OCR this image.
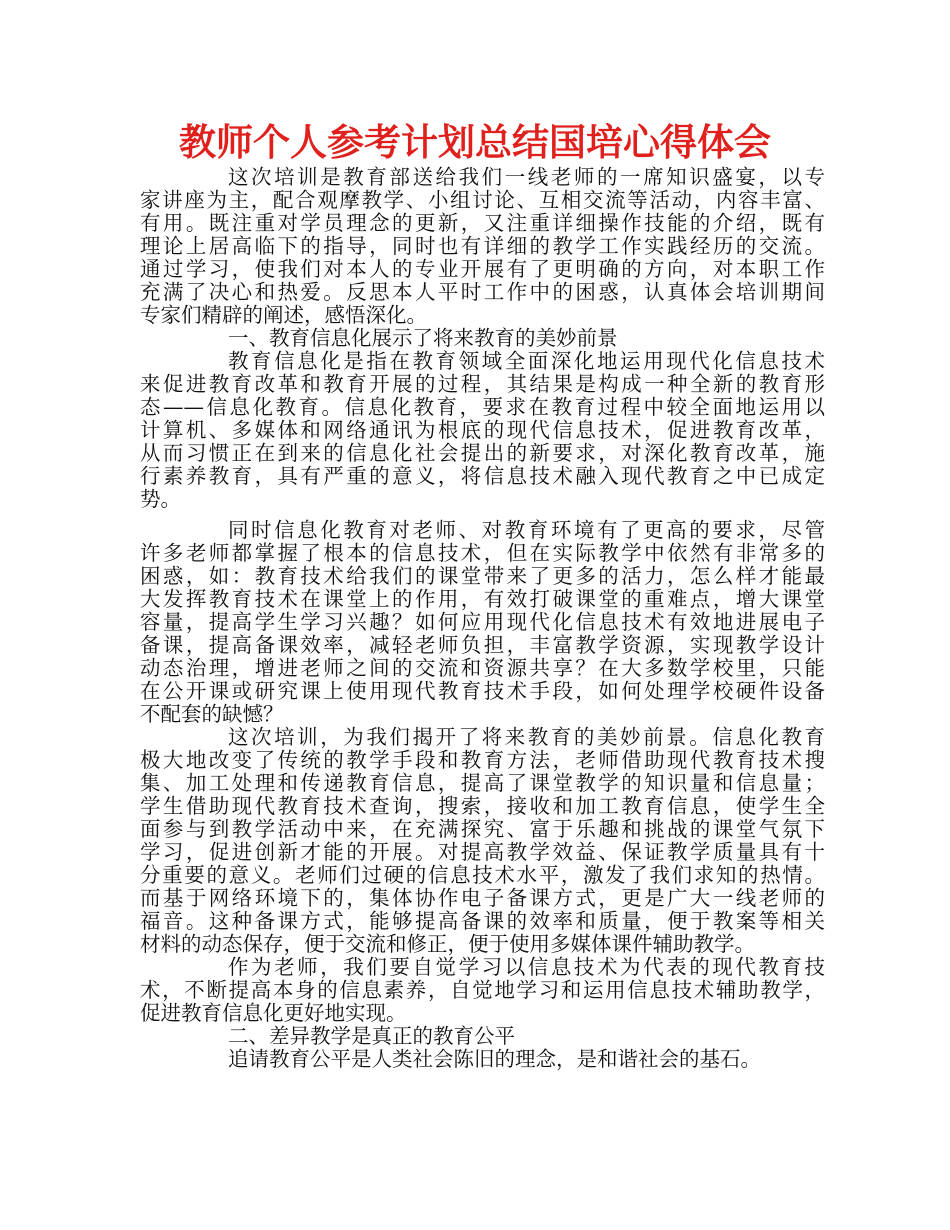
教师个人参考计划总结国培心得体会
这次培训是教育部送给我们一线老师的一席知识盛宴，以专
家讲座为主，配合观摩教学、小组讨论、互相交流等活动，内容丰富、
有用。既注重对学员理念的更新，又注重详细操作技能的介绍，既有
理论上居高临下的指导，同时也有详细的教学工作实践经历的交流。
通过学习，使我们对本人的专业开展有了更明确的方向，对本职工作
充满了决心和热爱。反思本人平时工作中的困惑，认真体会培训期间
专家们精辟的阐述，感悟深化。
一、教育信息化展示了将来教育的美妙前景
教育信息化是指在教育领域全面深化地运用现代化信息技术
来促进教育改革和教育开展的过程，其结果是构成一种全新的教育形
态——信息化教育。信息化教育，要求在教育过程中较全面地运用以
计算机、多媒体和网络通讯为根底的现代信息技术，促进教育改革，
从而习惯正在到来的信息化社会提出的新要求，对深化教育改革，施
行素养教育，具有严重的意义，将信息技术融入现代教育之中已成定
势。
同时信息化教育对老师、对教育环境有了更高的要求，尽管
许多老师都掌握了根本的信息技术，但在实际教学中依然有非常多的
困惑，如：教育技术给我们的课堂带来了更多的活力，怎么样才能最
大发挥教育技术在课堂上的作用，有效打破课堂的重难点，增大课堂
容量，提高学生学习兴趣？如何应用现代化信息技术有效地进展电子
备课，提高备课效率，减轻老师负担，丰富教学资源，实现教学设计
动态治理，增进老师之间的交流和资源共享？在大多数学校里，只能
在公开课或研究课上使用现代教育技术手段，如何处理学校硬件设备
不配套的缺憾？
这次培训，为我们揭开了将来教育的美妙前景。信息化教育
极大地改变了传统的教学手段和教育方法，老师借助现代教育技术搜
集、加工处理和传递教育信息，提高了课堂教学的知识量和信息量；
学生借助现代教育技术查询，搜索，接收和加工教育信息，使学生全
面参与到教学活动中来，在充满探究、富于乐趣和挑战的课堂气氛下
学习，促进创新才能的开展。对提高教学效益、保证教学质量具有十
分重要的意义。老师们过硬的信息技术水平，激发了我们求知的热情。
而基于网络环境下的，集体协作电子备课方式，更是广大一线老师的
福音。这种备课方式，能够提高备课的效率和质量，便于教案等相关
材料的动态保存，便于交流和修正，便于使用多媒体课件辅助教学。
作为老师，我们要自觉学习以信息技术为代表的现代教育技
术，不断提高本身的信息素养，自觉地学习和运用信息技术辅助教学，
促进教育信息化更好地实现。
二、差异教学是真正的教育公平
追请教育公平是人类社会陈旧的理念，是和谐社会的基石。
